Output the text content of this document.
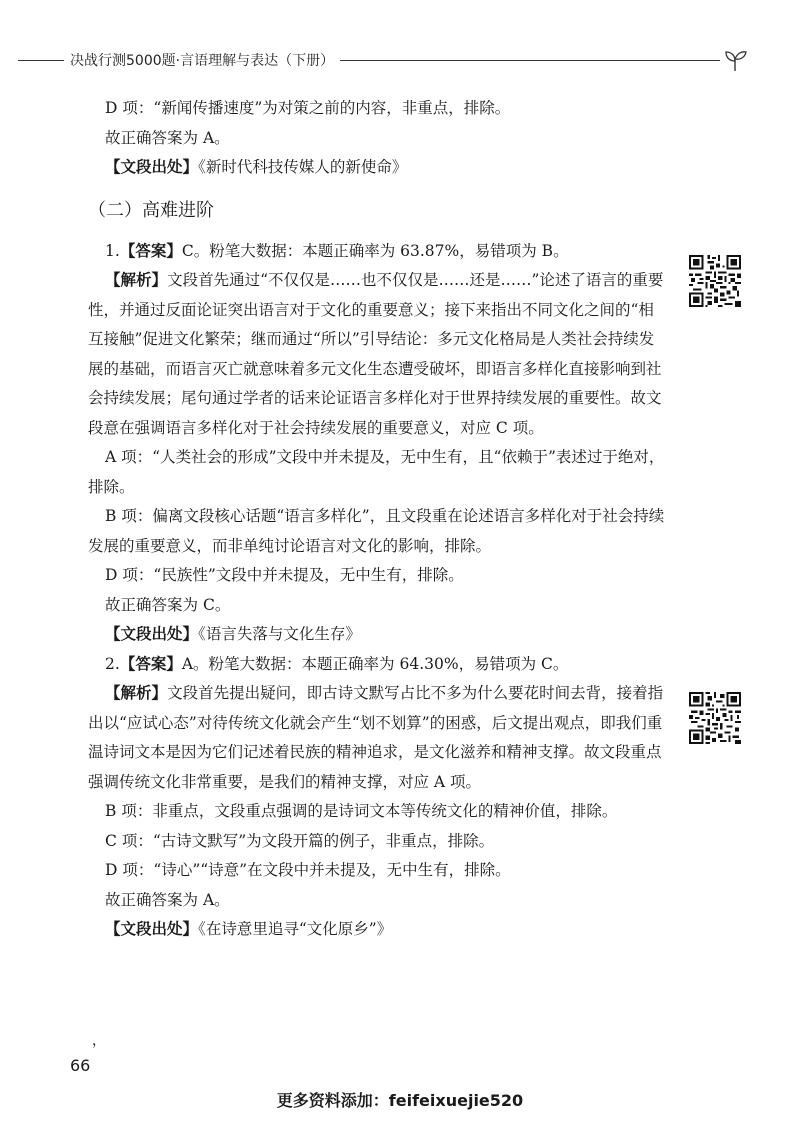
决战行测5000题·言语理解与表达（下册）

D 项：“新闻传播速度”为对策之前的内容，非重点，排除。

故正确答案为 A。

【文段出处】《新时代科技传媒人的新使命》

（二）高难进阶

1.【答案】C。粉笔大数据：本题正确率为 63.87%，易错项为 B。

【解析】文段首先通过“不仅仅是……也不仅仅是……还是……”论述了语言的重要性，并通过反面论证突出语言对于文化的重要意义；接下来指出不同文化之间的“相互接触”促进文化繁荣；继而通过“所以”引导结论：多元文化格局是人类社会持续发展的基础，而语言灭亡就意味着多元文化生态遭受破坏，即语言多样化直接影响到社会持续发展；尾句通过学者的话来论证语言多样化对于世界持续发展的重要性。故文段意在强调语言多样化对于社会持续发展的重要意义，对应 C 项。

A 项：“人类社会的形成”文段中并未提及，无中生有，且“依赖于”表述过于绝对，排除。

B 项：偏离文段核心话题“语言多样化”，且文段重在论述语言多样化对于社会持续发展的重要意义，而非单纯讨论语言对文化的影响，排除。

D 项：“民族性”文段中并未提及，无中生有，排除。

故正确答案为 C。

【文段出处】《语言失落与文化生存》

2.【答案】A。粉笔大数据：本题正确率为 64.30%，易错项为 C。

【解析】文段首先提出疑问，即古诗文默写占比不多为什么要花时间去背，接着指出以“应试心态”对待传统文化就会产生“划不划算”的困惑，后文提出观点，即我们重温诗词文本是因为它们记述着民族的精神追求，是文化滋养和精神支撑。故文段重点强调传统文化非常重要，是我们的精神支撑，对应 A 项。

B 项：非重点，文段重点强调的是诗词文本等传统文化的精神价值，排除。

C 项：“古诗文默写”为文段开篇的例子，非重点，排除。

D 项：“诗心”“诗意”在文段中并未提及，无中生有，排除。

故正确答案为 A。

【文段出处】《在诗意里追寻“文化原乡”》

，
66
更多资料添加：feifeixuejie520
